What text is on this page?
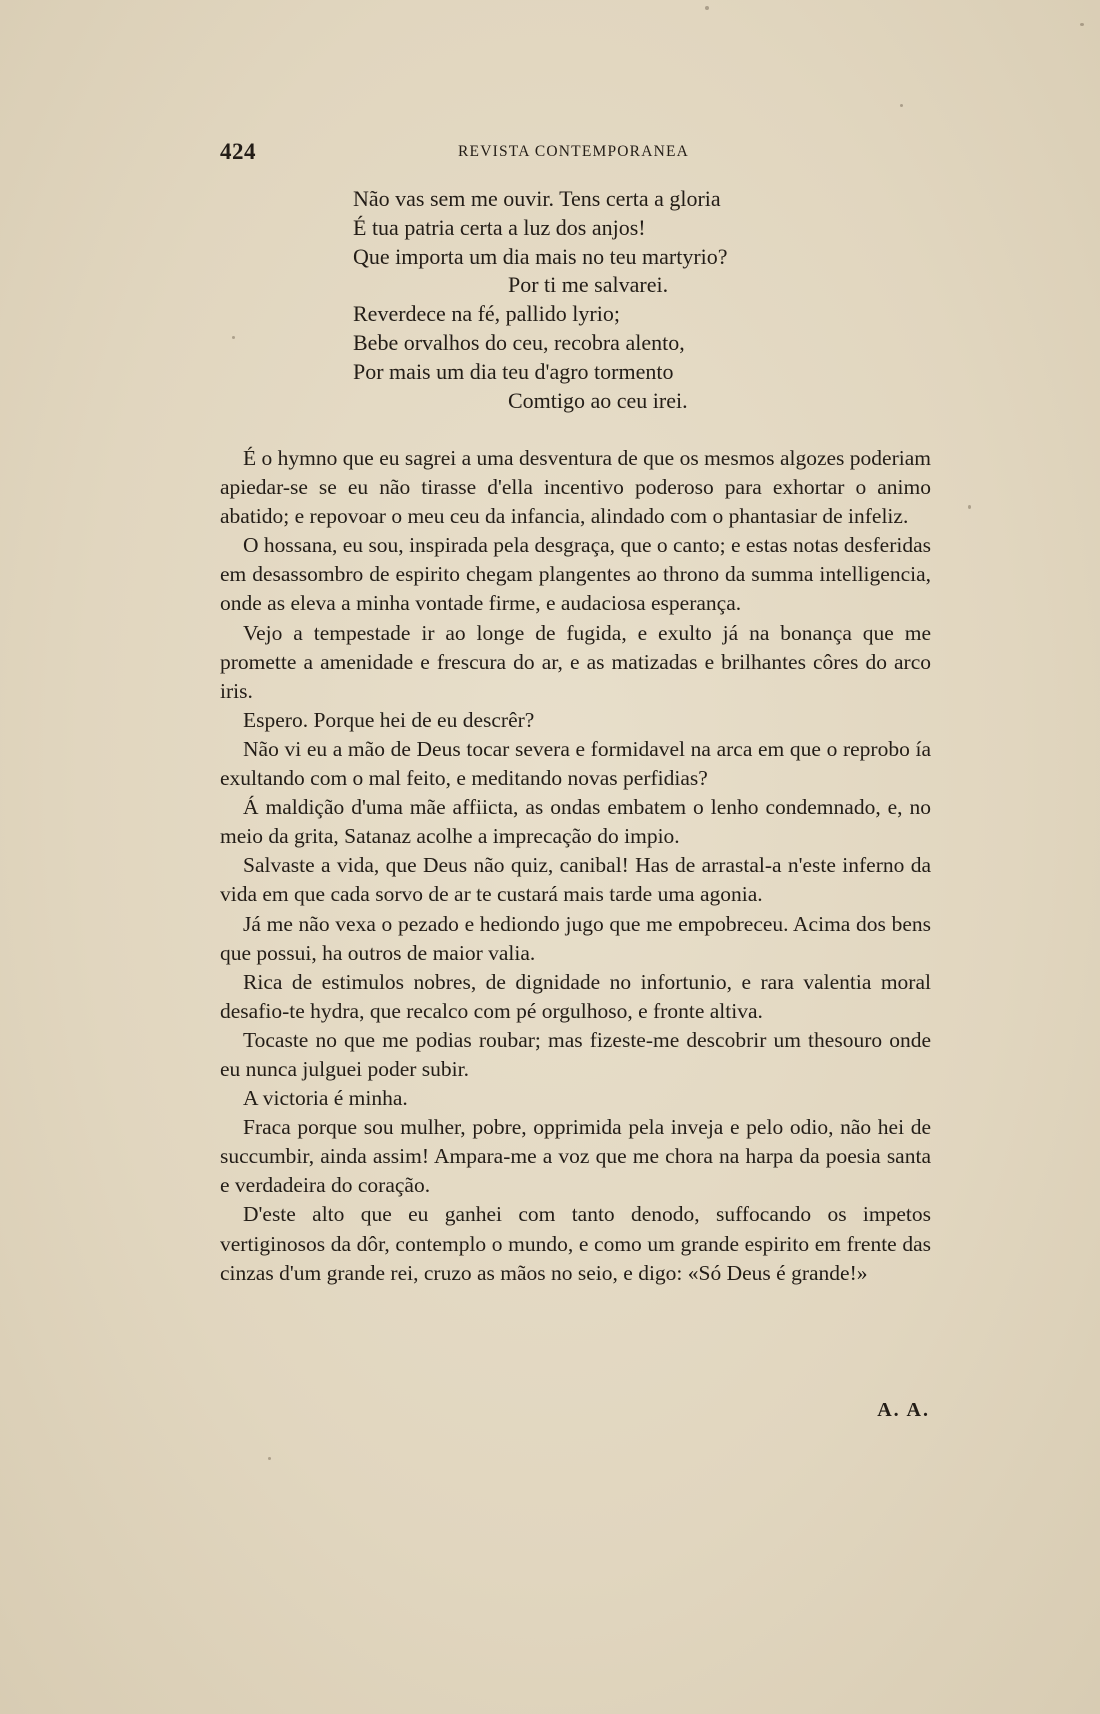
424	REVISTA CONTEMPORANEA
Não vas sem me ouvir. Tens certa a gloria
É tua patria certa a luz dos anjos!
Que importa um dia mais no teu martyrio?
Por ti me salvarei.
Reverdece na fé, pallido lyrio;
Bebe orvalhos do ceu, recobra alento,
Por mais um dia teu d'agro tormento
Comtigo ao ceu irei.

É o hymno que eu sagrei a uma desventura de que os mesmos algozes poderiam apiedar-se se eu não tirasse d'ella incentivo poderoso para exhortar o animo abatido; e repovoar o meu ceu da infancia, alindado com o phantasiar de infeliz.

O hossana, eu sou, inspirada pela desgraça, que o canto; e estas notas desferidas em desassombro de espirito chegam plangentes ao throno da summa intelligencia, onde as eleva a minha vontade firme, e audaciosa esperança.

Vejo a tempestade ir ao longe de fugida, e exulto já na bonança que me promette a amenidade e frescura do ar, e as matizadas e brilhantes côres do arco iris.

Espero. Porque hei de eu descrêr?

Não vi eu a mão de Deus tocar severa e formidavel na arca em que o reprobo ía exultando com o mal feito, e meditando novas perfidias?

Á maldição d'uma mãe affiicta, as ondas embatem o lenho condemnado, e, no meio da grita, Satanaz acolhe a imprecação do impio.

Salvaste a vida, que Deus não quiz, canibal! Has de arrastal-a n'este inferno da vida em que cada sorvo de ar te custará mais tarde uma agonia.

Já me não vexa o pezado e hediondo jugo que me empobreceu. Acima dos bens que possui, ha outros de maior valia.

Rica de estimulos nobres, de dignidade no infortunio, e rara valentia moral desafio-te hydra, que recalco com pé orgulhoso, e fronte altiva.

Tocaste no que me podias roubar; mas fizeste-me descobrir um thesouro onde eu nunca julguei poder subir.

A victoria é minha.

Fraca porque sou mulher, pobre, opprimida pela inveja e pelo odio, não hei de succumbir, ainda assim! Ampara-me a voz que me chora na harpa da poesia santa e verdadeira do coração.

D'este alto que eu ganhei com tanto denodo, suffocando os impetos vertiginosos da dôr, contemplo o mundo, e como um grande espirito em frente das cinzas d'um grande rei, cruzo as mãos no seio, e digo: «Só Deus é grande!»

A. A.
